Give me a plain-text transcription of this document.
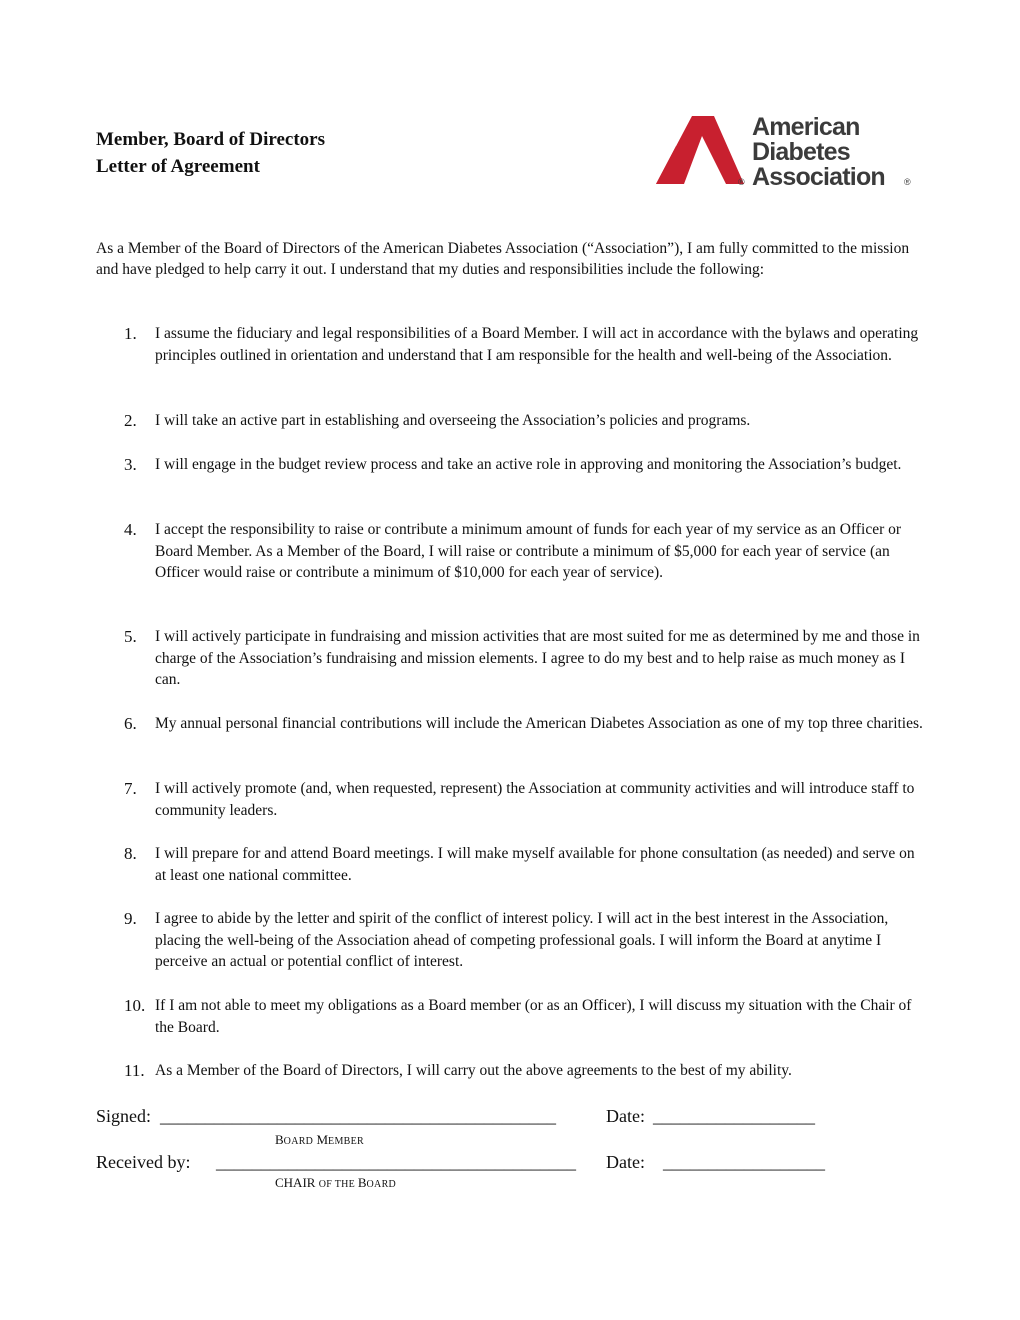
Member, Board of Directors
Letter of Agreement
American
Diabetes
Association ®
®

As a Member of the Board of Directors of the American Diabetes Association (“Association”), I am fully committed to the mission and have pledged to help carry it out. I understand that my duties and responsibilities include the following:

1.	I assume the fiduciary and legal responsibilities of a Board Member. I will act in accordance with the bylaws and operating principles outlined in orientation and understand that I am responsible for the health and well-being of the Association.
2.	I will take an active part in establishing and overseeing the Association’s policies and programs.
3.	I will engage in the budget review process and take an active role in approving and monitoring the Association’s budget.
4.	I accept the responsibility to raise or contribute a minimum amount of funds for each year of my service as an Officer or Board Member. As a Member of the Board, I will raise or contribute a minimum of $5,000 for each year of service (an Officer would raise or contribute a minimum of $10,000 for each year of service).
5.	I will actively participate in fundraising and mission activities that are most suited for me as determined by me and those in charge of the Association’s fundraising and mission elements. I agree to do my best and to help raise as much money as I can.
6.	My annual personal financial contributions will include the American Diabetes Association as one of my top three charities.
7.	I will actively promote (and, when requested, represent) the Association at community activities and will introduce staff to community leaders.
8.	I will prepare for and attend Board meetings. I will make myself available for phone consultation (as needed) and serve on at least one national committee.
9.	I agree to abide by the letter and spirit of the conflict of interest policy. I will act in the best interest in the Association, placing the well-being of the Association ahead of competing professional goals. I will inform the Board at anytime I perceive an actual or potential conflict of interest.
10. If I am not able to meet my obligations as a Board member (or as an Officer), I will discuss my situation with the Chair of the Board.
11. As a Member of the Board of Directors, I will carry out the above agreements to the best of my ability.
Signed: ____________________________________________	Date: __________________
BOARD MEMBER
Received by: ________________________________________ Date: __________________
CHAIR OF THE BOARD
